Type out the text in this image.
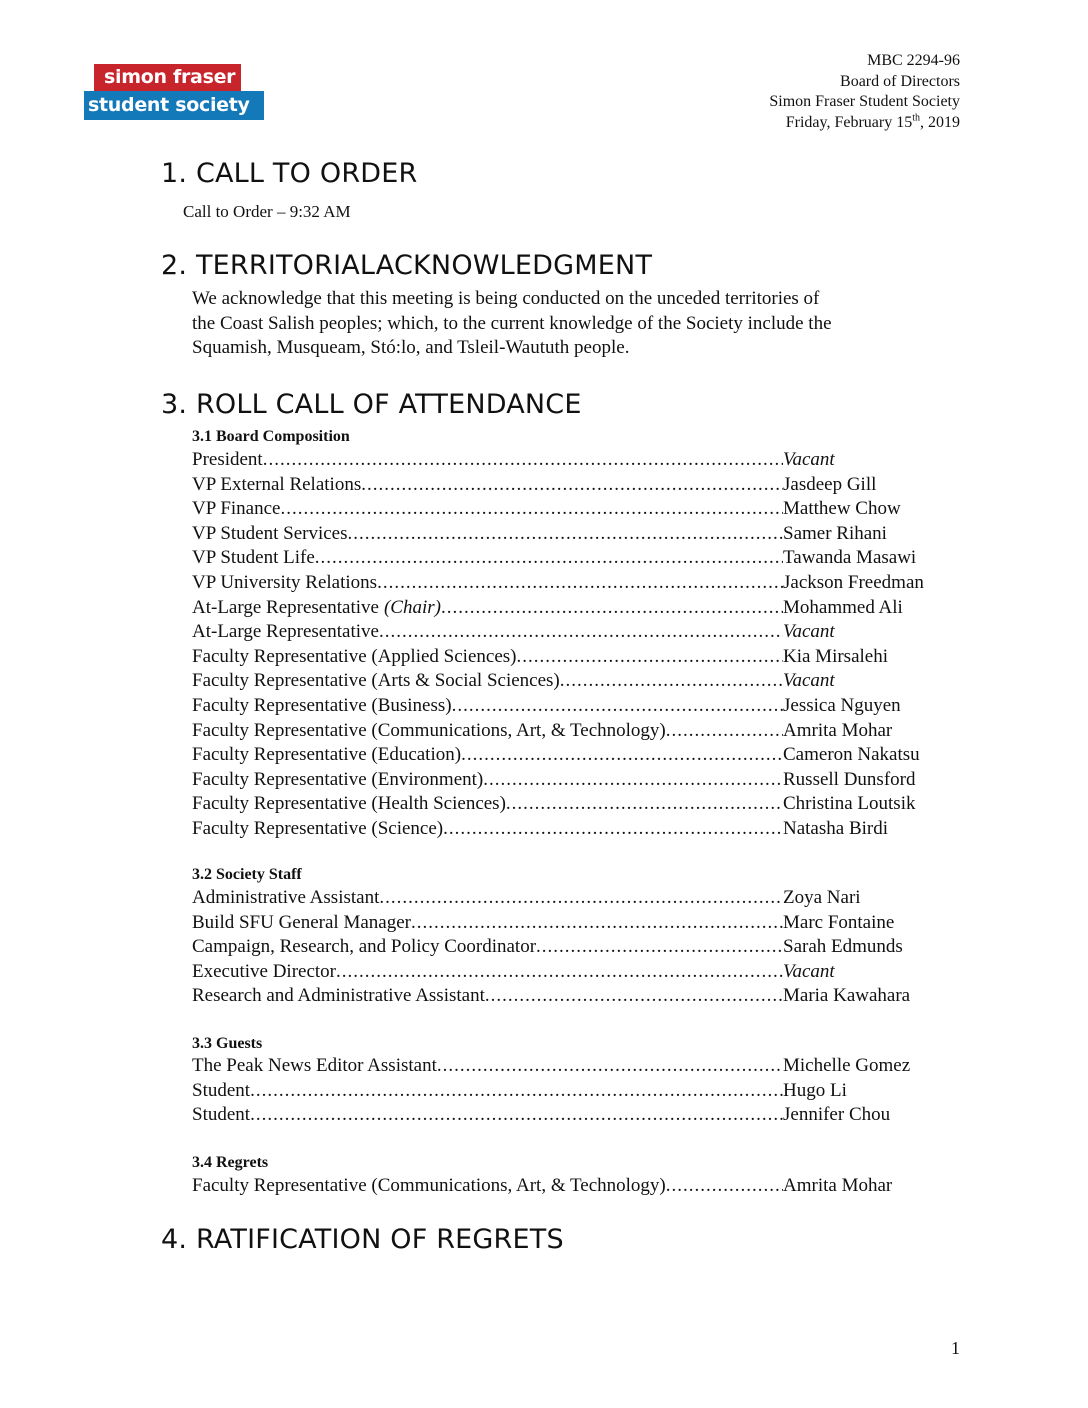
simon fraser
student society
MBC 2294-96
Board of Directors
Simon Fraser Student Society
Friday, February 15th, 2019
1. CALL TO ORDER
Call to Order – 9:32 AM
2. TERRITORIALACKNOWLEDGMENT
We acknowledge that this meeting is being conducted on the unceded territories of
the Coast Salish peoples; which, to the current knowledge of the Society include the
Squamish, Musqueam, Stó:lo, and Tsleil-Waututh people.
3. ROLL CALL OF ATTENDANCE
3.1 Board Composition
President .....	Vacant
VP External Relations .....	Jasdeep Gill
VP Finance .....	Matthew Chow
VP Student Services .....	Samer Rihani
VP Student Life .....	Tawanda Masawi
VP University Relations .....	Jackson Freedman
At-Large Representative (Chair) .....	Mohammed Ali
At-Large Representative .....	Vacant
Faculty Representative (Applied Sciences) .....	Kia Mirsalehi
Faculty Representative (Arts & Social Sciences) .....	Vacant
Faculty Representative (Business) .....	Jessica Nguyen
Faculty Representative (Communications, Art, & Technology) .....	Amrita Mohar
Faculty Representative (Education) .....	Cameron Nakatsu
Faculty Representative (Environment) .....	Russell Dunsford
Faculty Representative (Health Sciences) .....	Christina Loutsik
Faculty Representative (Science) .....	Natasha Birdi
3.2 Society Staff
Administrative Assistant .....	Zoya Nari
Build SFU General Manager .....	Marc Fontaine
Campaign, Research, and Policy Coordinator .....	Sarah Edmunds
Executive Director .....	Vacant
Research and Administrative Assistant .....	Maria Kawahara
3.3 Guests
The Peak News Editor Assistant .....	Michelle Gomez
Student .....	Hugo Li
Student .....	Jennifer Chou
3.4 Regrets
Faculty Representative (Communications, Art, & Technology) .....	Amrita Mohar
4. RATIFICATION OF REGRETS
1
